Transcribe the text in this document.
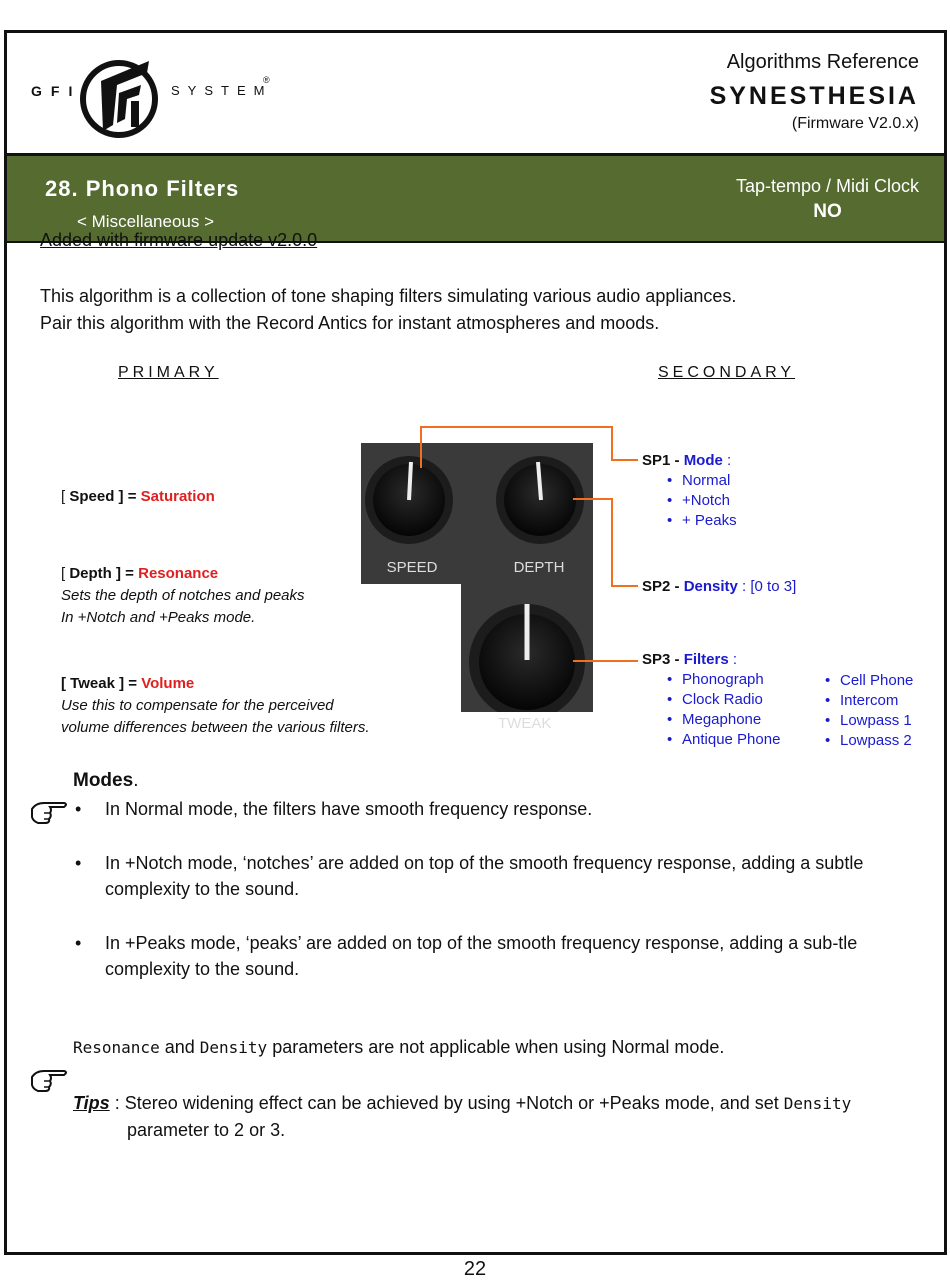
GFI	SYSTEM
®
Algorithms Reference
SYNESTHESIA
(Firmware V2.0.x)
28. Phono Filters
< Miscellaneous >
Tap-tempo / Midi Clock
NO
Added with firmware update v2.0.0
This algorithm is a collection of tone shaping filters simulating various audio appliances.
Pair this algorithm with the Record Antics for instant atmospheres and moods.
PRIMARY	SECONDARY
[ Speed ] = Saturation
[ Depth ] = Resonance
Sets the depth of notches and peaks
In +Notch and +Peaks mode.
[ Tweak ] = Volume
Use this to compensate for the perceived
volume differences between the various filters.
SPEED	DEPTH
TWEAK
SP1 - Mode :
• Normal
• +Notch
• + Peaks
SP2 - Density : [0 to 3]
SP3 - Filters :
• Phonograph
• Clock Radio
• Megaphone
• Antique Phone
• Cell Phone
• Intercom
• Lowpass 1
• Lowpass 2
Modes.
• In Normal mode, the filters have smooth frequency response.
• In +Notch mode, ‘notches’ are added on top of the smooth frequency response, adding a subtle complexity to the sound.
• In +Peaks mode, ‘peaks’ are added on top of the smooth frequency response, adding a sub-tle complexity to the sound.
Resonance and Density parameters are not applicable when using Normal mode.
Tips : Stereo widening effect can be achieved by using +Notch or +Peaks mode, and set Densityparameter to 2 or 3.
22
